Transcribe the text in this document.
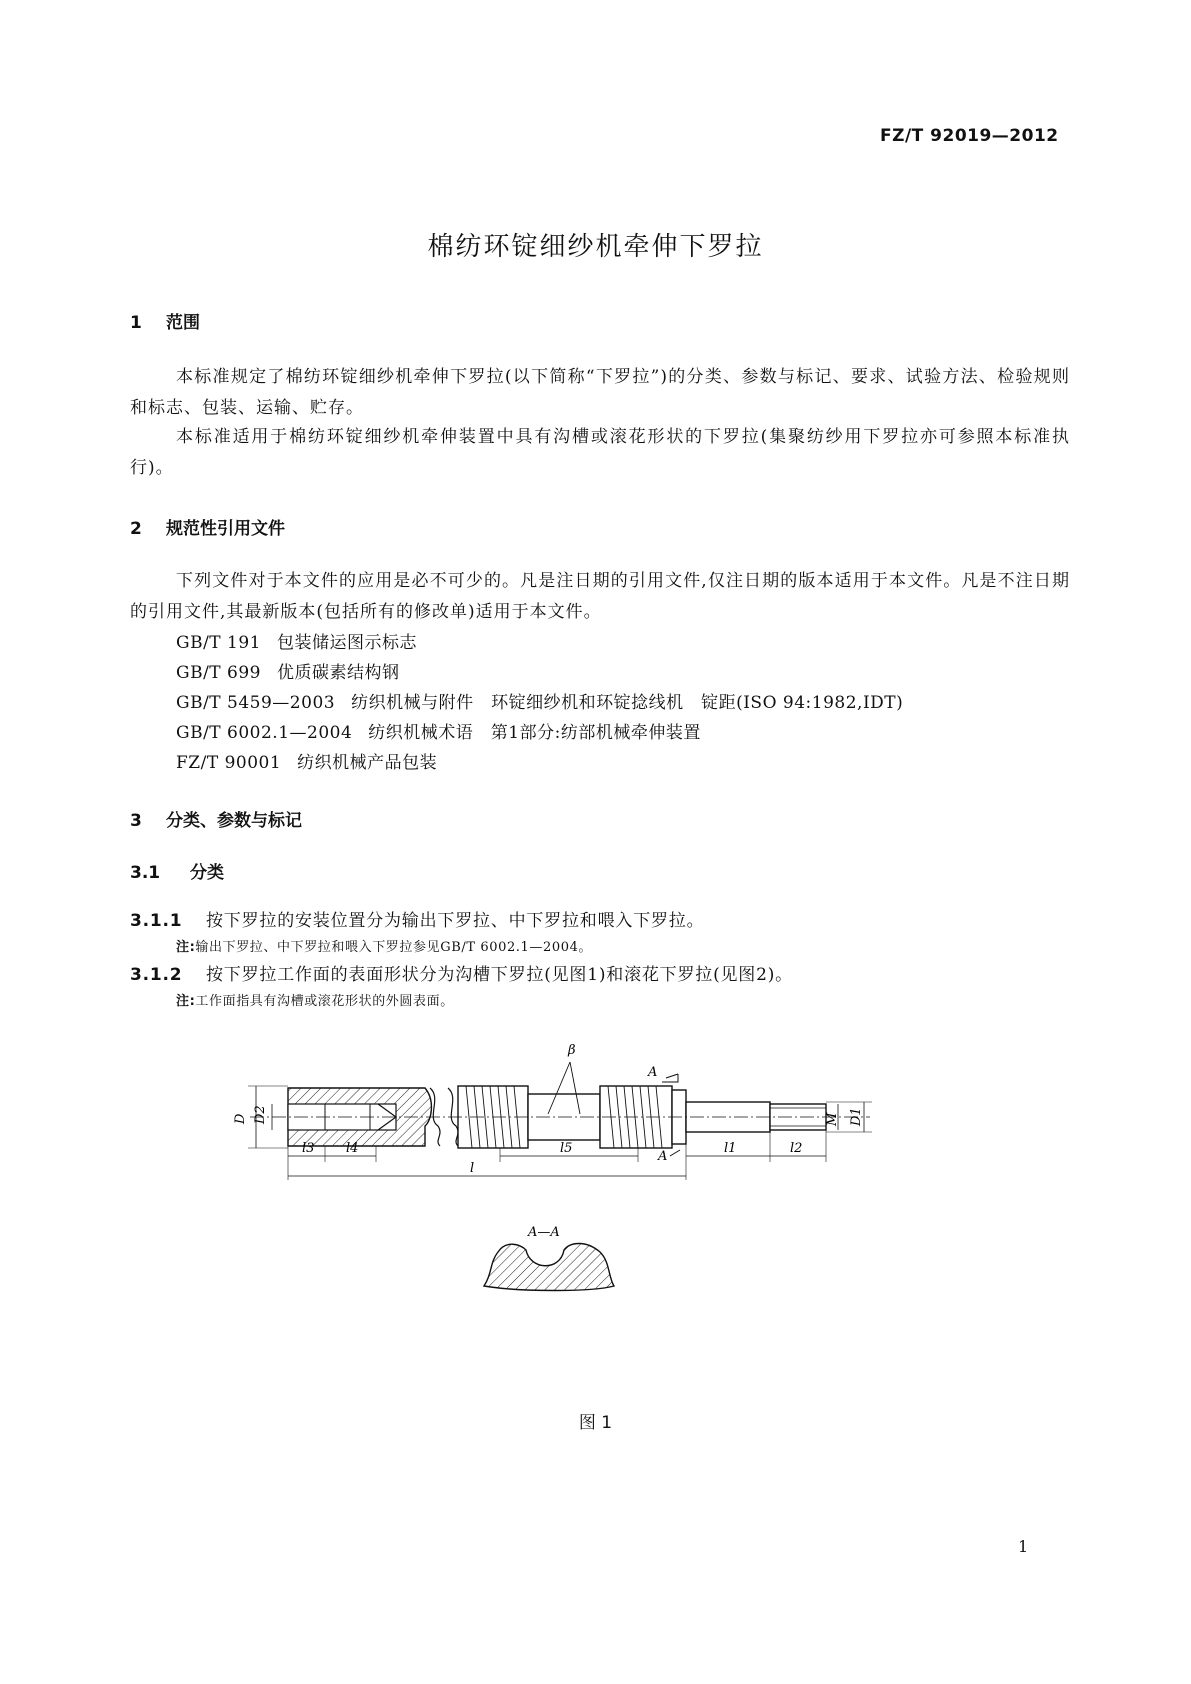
FZ/T 92019—2012
棉纺环锭细纱机牵伸下罗拉
1 范围
本标准规定了棉纺环锭细纱机牵伸下罗拉(以下简称“下罗拉”)的分类、参数与标记、要求、试验方法、检验规则和标志、包装、运输、贮存。
本标准适用于棉纺环锭细纱机牵伸装置中具有沟槽或滚花形状的下罗拉(集聚纺纱用下罗拉亦可参照本标准执行)。
2 规范性引用文件
下列文件对于本文件的应用是必不可少的。凡是注日期的引用文件,仅注日期的版本适用于本文件。凡是不注日期的引用文件,其最新版本(包括所有的修改单)适用于本文件。
GB/T 191 包装储运图示标志
GB/T 699 优质碳素结构钢
GB/T 5459—2003 纺织机械与附件　环锭细纱机和环锭捻线机　锭距(ISO 94:1982,IDT)
GB/T 6002.1—2004 纺织机械术语　第1部分:纺部机械牵伸装置
FZ/T 90001 纺织机械产品包装
3 分类、参数与标记
3.1 分类
3.1.1 按下罗拉的安装位置分为输出下罗拉、中下罗拉和喂入下罗拉。
注:输出下罗拉、中下罗拉和喂入下罗拉参见GB/T 6002.1—2004。
3.1.2 按下罗拉工作面的表面形状分为沟槽下罗拉(见图1)和滚花下罗拉(见图2)。
注:工作面指具有沟槽或滚花形状的外圆表面。
β
A
A
D D2	M D1
l3 l4	l5	l1	l2
l
A—A
图 1
1
